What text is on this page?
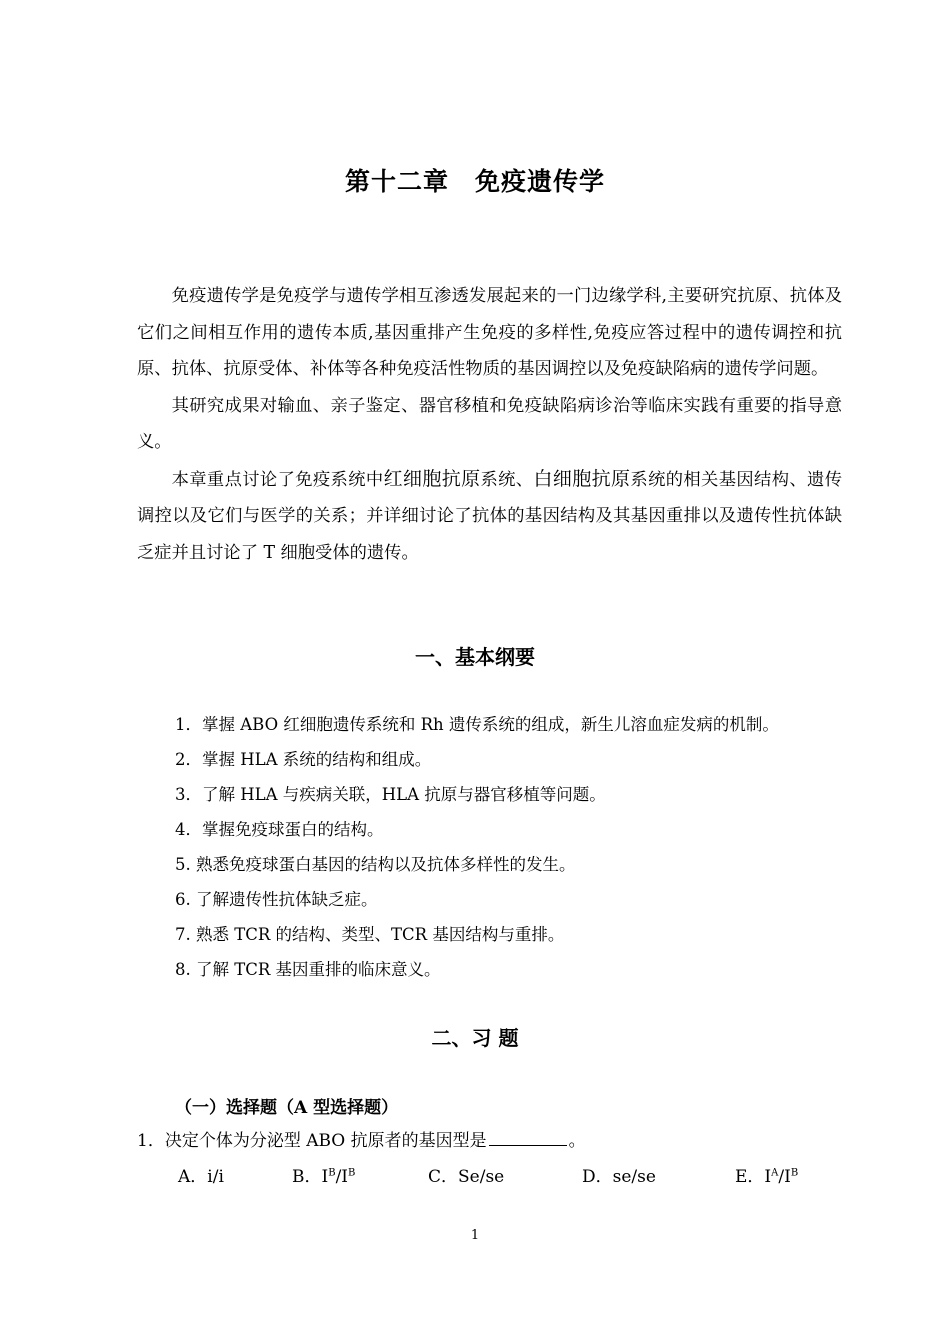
第十二章　免疫遗传学

免疫遗传学是免疫学与遗传学相互渗透发展起来的一门边缘学科,主要研究抗原、抗体及它们之间相互作用的遗传本质,基因重排产生免疫的多样性,免疫应答过程中的遗传调控和抗原、抗体、抗原受体、补体等各种免疫活性物质的基因调控以及免疫缺陷病的遗传学问题。

其研究成果对输血、亲子鉴定、器官移植和免疫缺陷病诊治等临床实践有重要的指导意义。

本章重点讨论了免疫系统中红细胞抗原系统、白细胞抗原系统的相关基因结构、遗传调控以及它们与医学的关系；并详细讨论了抗体的基因结构及其基因重排以及遗传性抗体缺乏症并且讨论了 T 细胞受体的遗传。

一、基本纲要
1．掌握 ABO 红细胞遗传系统和 Rh 遗传系统的组成，新生儿溶血症发病的机制。
2．掌握 HLA 系统的结构和组成。
3．了解 HLA 与疾病关联，HLA 抗原与器官移植等问题。
4．掌握免疫球蛋白的结构。
5. 熟悉免疫球蛋白基因的结构以及抗体多样性的发生。
6. 了解遗传性抗体缺乏症。
7. 熟悉 TCR 的结构、类型、TCR 基因结构与重排。
8. 了解 TCR 基因重排的临床意义。
二、习 题
（一）选择题（A 型选择题）
1．决定个体为分泌型 ABO 抗原者的基因型是	。
A．i/i	B．$I^B/I^B$	C．Se/se	D．se/se	E．$I^A/I^B$
1
